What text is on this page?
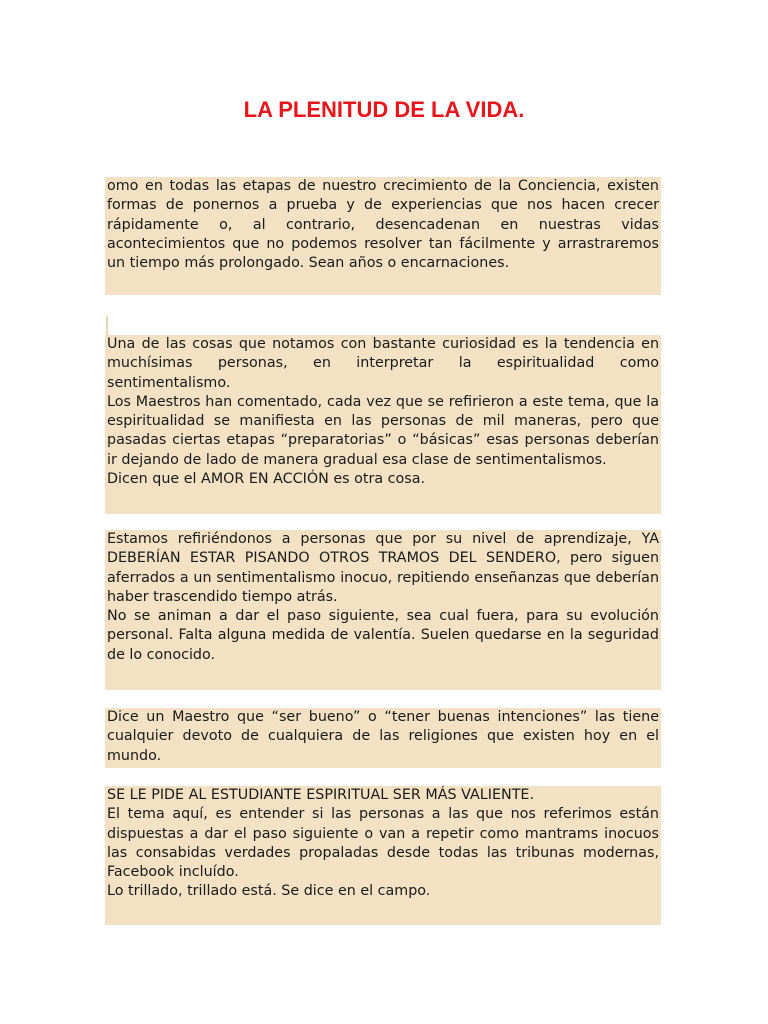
LA PLENITUD DE LA VIDA.

omo en todas las etapas de nuestro crecimiento de la Conciencia, existen formas de ponernos a prueba y de experiencias que nos hacen crecer rápidamente o, al contrario, desencadenan en nuestras vidas acontecimientos que no podemos resolver tan fácilmente y arrastraremos un tiempo más prolongado. Sean años o encarnaciones.

Una de las cosas que notamos con bastante curiosidad es la tendencia en muchísimas personas, en interpretar la espiritualidad como sentimentalismo.

Los Maestros han comentado, cada vez que se refirieron a este tema, que la espiritualidad se manifiesta en las personas de mil maneras, pero que pasadas ciertas etapas “preparatorias” o “básicas” esas personas deberían ir dejando de lado de manera gradual esa clase de sentimentalismos.

Dicen que el AMOR EN ACCIÓN es otra cosa.

Estamos refiriéndonos a personas que por su nivel de aprendizaje, YA DEBERÍAN ESTAR PISANDO OTROS TRAMOS DEL SENDERO, pero siguen aferrados a un sentimentalismo inocuo, repitiendo enseñanzas que deberían haber trascendido tiempo atrás.

No se animan a dar el paso siguiente, sea cual fuera, para su evolución personal. Falta alguna medida de valentía. Suelen quedarse en la seguridad de lo conocido.

Dice un Maestro que “ser bueno” o “tener buenas intenciones” las tiene cualquier devoto de cualquiera de las religiones que existen hoy en el mundo.

SE LE PIDE AL ESTUDIANTE ESPIRITUAL SER MÁS VALIENTE.

El tema aquí, es entender si las personas a las que nos referimos están dispuestas a dar el paso siguiente o van a repetir como mantrams inocuos las consabidas verdades propaladas desde todas las tribunas modernas, Facebook incluído.

Lo trillado, trillado está. Se dice en el campo.
